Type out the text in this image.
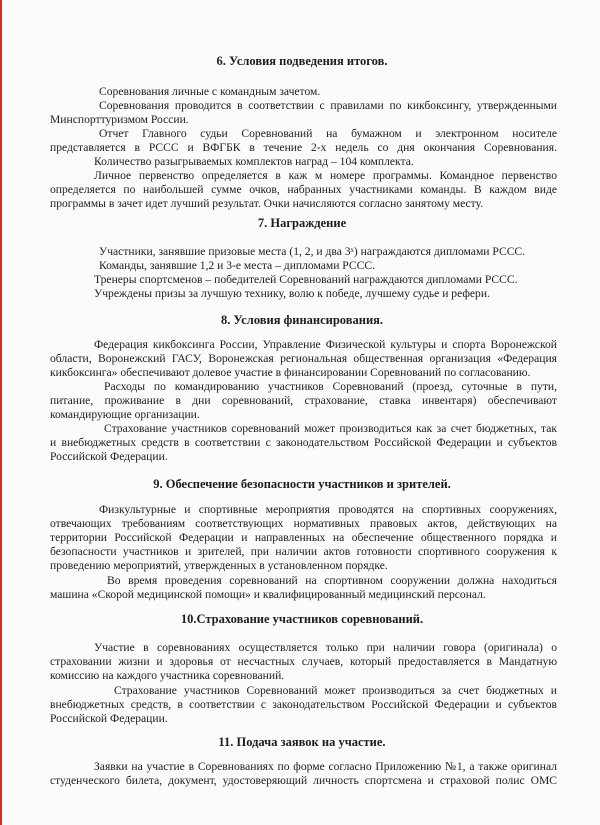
6. Условия подведения итогов.
Соревнования личные с командным зачетом.
Соревнования проводится в соответствии с правилами по кикбоксингу, утвержденными
Минспорттуризмом России.
Отчет Главного судьи Соревнований на бумажном и электронном носителе
представляется в РССС и ВФГБК в течение 2-х недель со дня окончания Соревнования.
Количество разыгрываемых комплектов наград – 104 комплекта.
Личное первенство определяется в каж м номере программы. Командное первенство
определяется по наибольшей сумме очков, набранных участниками команды. В каждом виде
программы в зачет идет лучший результат. Очки начисляются согласно занятому месту.
7. Награждение
Участники, занявшие призовые места (1, 2, и два 3ˣ) награждаются дипломами РССС.
Команды, занявшие 1,2 и 3-е места – дипломами РССС.
Тренеры спортсменов – победителей Соревнований награждаются дипломами РССС.
Учреждены призы за лучшую технику, волю к победе, лучшему судье и рефери.
8. Условия финансирования.
Федерация кикбоксинга России, Управление Физической культуры и спорта Воронежской
области, Воронежский ГАСУ, Воронежская региональная общественная организация «Федерация
кикбоксинга» обеспечивают долевое участие в финансировании Соревнований по согласованию.
Расходы по командированию участников Соревнований (проезд, суточные в пути,
питание, проживание в дни соревнований, страхование, ставка инвентаря) обеспечивают
командирующие организации.
Страхование участников соревнований может производиться как за счет бюджетных, так
и внебюджетных средств в соответствии с законодательством Российской Федерации и субъектов
Российской Федерации.
9. Обеспечение безопасности участников и зрителей.
Физкультурные и спортивные мероприятия проводятся на спортивных сооружениях,
отвечающих требованиям соответствующих нормативных правовых актов, действующих на
территории Российской Федерации и направленных на обеспечение общественного порядка и
безопасности участников и зрителей, при наличии актов готовности спортивного сооружения к
проведению мероприятий, утвержденных в установленном порядке.
Во время проведения соревнований на спортивном сооружении должна находиться
машина «Скорой медицинской помощи» и квалифицированный медицинский персонал.
10.Страхование участников соревнований.
Участие в соревнованиях осуществляется только при наличии говора (оригинала) о
страховании жизни и здоровья от несчастных случаев, который предоставляется в Мандатную
комиссию на каждого участника соревнований.
Страхование участников Соревнований может производиться за счет бюджетных и
внебюджетных средств, в соответствии с законодательством Российской Федерации и субъектов
Российской Федерации.
11. Подача заявок на участие.
Заявки на участие в Соревнованиях по форме согласно Приложению №1, а также оригинал
студенческого билета, документ, удостоверяющий личность спортсмена и страховой полис ОМС
